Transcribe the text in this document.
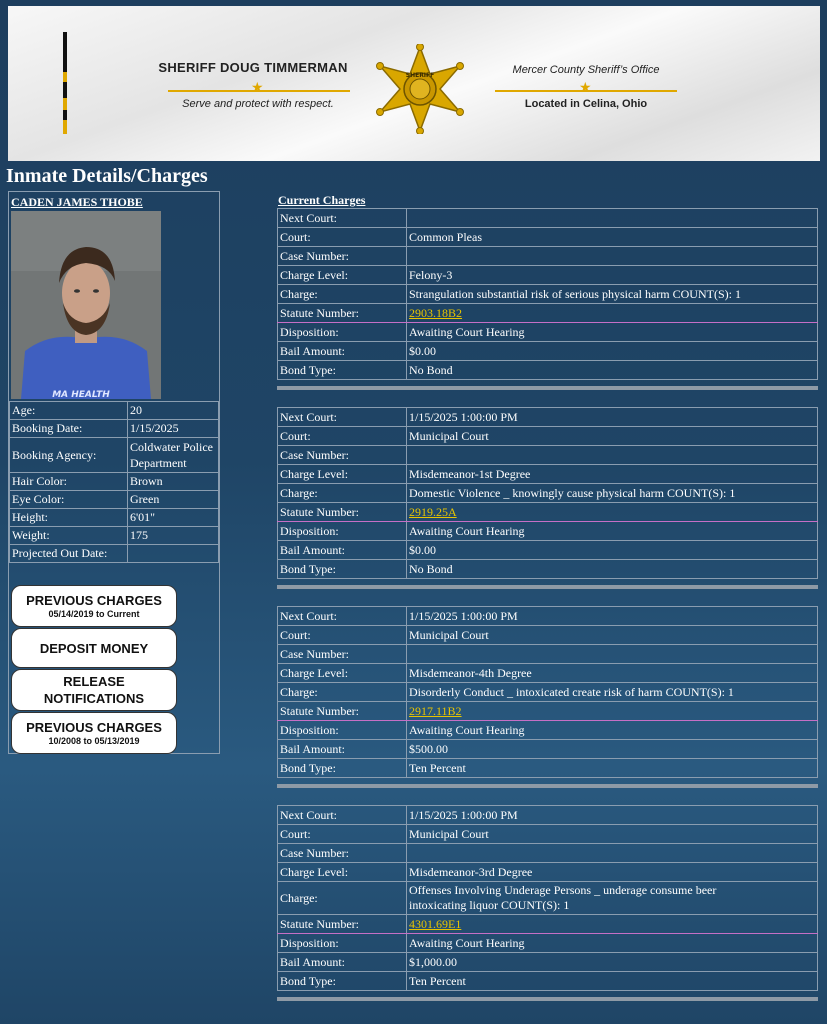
SHERIFF DOUG TIMMERMAN
★
Serve and protect with respect.
SHERIFF	Mercer County Sheriff’s Office
★
Located in Celina, Ohio
Inmate Details/Charges
CADEN JAMES THOBE
MA HEALTH
Age:	20
Booking Date:	1/15/2025
Booking Agency:	Coldwater Police Department
Hair Color:	Brown
Eye Color:	Green
Height:	6'01"
Weight:	175
Projected Out Date:	
PREVIOUS CHARGES
05/14/2019 to Current
DEPOSIT MONEY
RELEASE NOTIFICATIONS
PREVIOUS CHARGES
10/2008 to 05/13/2019
Current Charges
Next Court:	
Court:	Common Pleas
Case Number:	
Charge Level:	Felony-3
Charge:	Strangulation substantial risk of serious physical harm COUNT(S): 1
Statute Number:	2903.18B2
Disposition:	Awaiting Court Hearing
Bail Amount:	$0.00
Bond Type:	No Bond
Next Court:	1/15/2025 1:00:00 PM
Court:	Municipal Court
Case Number:	
Charge Level:	Misdemeanor-1st Degree
Charge:	Domestic Violence _ knowingly cause physical harm COUNT(S): 1
Statute Number:	2919.25A
Disposition:	Awaiting Court Hearing
Bail Amount:	$0.00
Bond Type:	No Bond
Next Court:	1/15/2025 1:00:00 PM
Court:	Municipal Court
Case Number:	
Charge Level:	Misdemeanor-4th Degree
Charge:	Disorderly Conduct _ intoxicated create risk of harm COUNT(S): 1
Statute Number:	2917.11B2
Disposition:	Awaiting Court Hearing
Bail Amount:	$500.00
Bond Type:	Ten Percent
Next Court:	1/15/2025 1:00:00 PM
Court:	Municipal Court
Case Number:	
Charge Level:	Misdemeanor-3rd Degree
Charge:	Offenses Involving Underage Persons _ underage consume beer intoxicating liquor COUNT(S): 1
Statute Number:	4301.69E1
Disposition:	Awaiting Court Hearing
Bail Amount:	$1,000.00
Bond Type:	Ten Percent
